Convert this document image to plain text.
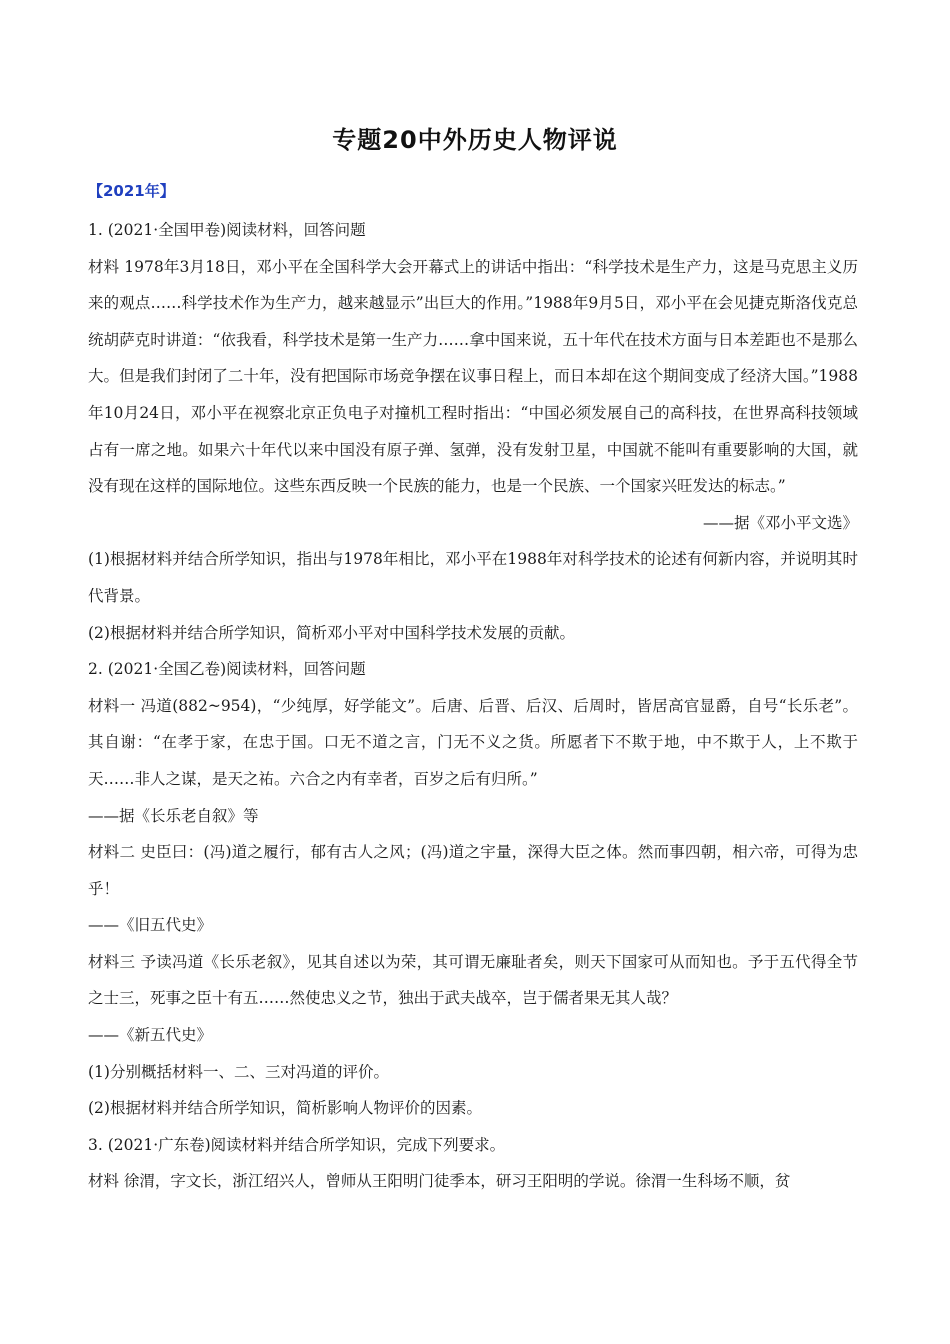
专题20中外历史人物评说
【2021年】

1. (2021·全国甲卷)阅读材料，回答问题

材料 1978年3月18日，邓小平在全国科学大会开幕式上的讲话中指出：“科学技术是生产力，这是马克思主义历来的观点……科学技术作为生产力，越来越显示”出巨大的作用。”1988年9月5日，邓小平在会见捷克斯洛伐克总统胡萨克时讲道：“依我看，科学技术是第一生产力……拿中国来说，五十年代在技术方面与日本差距也不是那么大。但是我们封闭了二十年，没有把国际市场竞争摆在议事日程上，而日本却在这个期间变成了经济大国。”1988年10月24日，邓小平在视察北京正负电子对撞机工程时指出：“中国必须发展自己的高科技，在世界高科技领域占有一席之地。如果六十年代以来中国没有原子弹、氢弹，没有发射卫星，中国就不能叫有重要影响的大国，就没有现在这样的国际地位。这些东西反映一个民族的能力，也是一个民族、一个国家兴旺发达的标志。”

——据《邓小平文选》

(1)根据材料并结合所学知识，指出与1978年相比，邓小平在1988年对科学技术的论述有何新内容，并说明其时代背景。

(2)根据材料并结合所学知识，简析邓小平对中国科学技术发展的贡献。

2. (2021·全国乙卷)阅读材料，回答问题

材料一 冯道(882~954)，“少纯厚，好学能文”。后唐、后晋、后汉、后周时，皆居高官显爵，自号“长乐老”。其自谢：“在孝于家，在忠于国。口无不道之言，门无不义之货。所愿者下不欺于地，中不欺于人，上不欺于天……非人之谋，是天之祐。六合之内有幸者，百岁之后有归所。”

——据《长乐老自叙》等

材料二 史臣曰：(冯)道之履行，郁有古人之风；(冯)道之宇量，深得大臣之体。然而事四朝，相六帝，可得为忠乎！

——《旧五代史》

材料三 予读冯道《长乐老叙》，见其自述以为荣，其可谓无廉耻者矣，则天下国家可从而知也。予于五代得全节之士三，死事之臣十有五……然使忠义之节，独出于武夫战卒，岂于儒者果无其人哉？

——《新五代史》

(1)分别概括材料一、二、三对冯道的评价。

(2)根据材料并结合所学知识，简析影响人物评价的因素。

3. (2021·广东卷)阅读材料并结合所学知识，完成下列要求。

材料 徐渭，字文长，浙江绍兴人，曾师从王阳明门徒季本，研习王阳明的学说。徐渭一生科场不顺，贫
